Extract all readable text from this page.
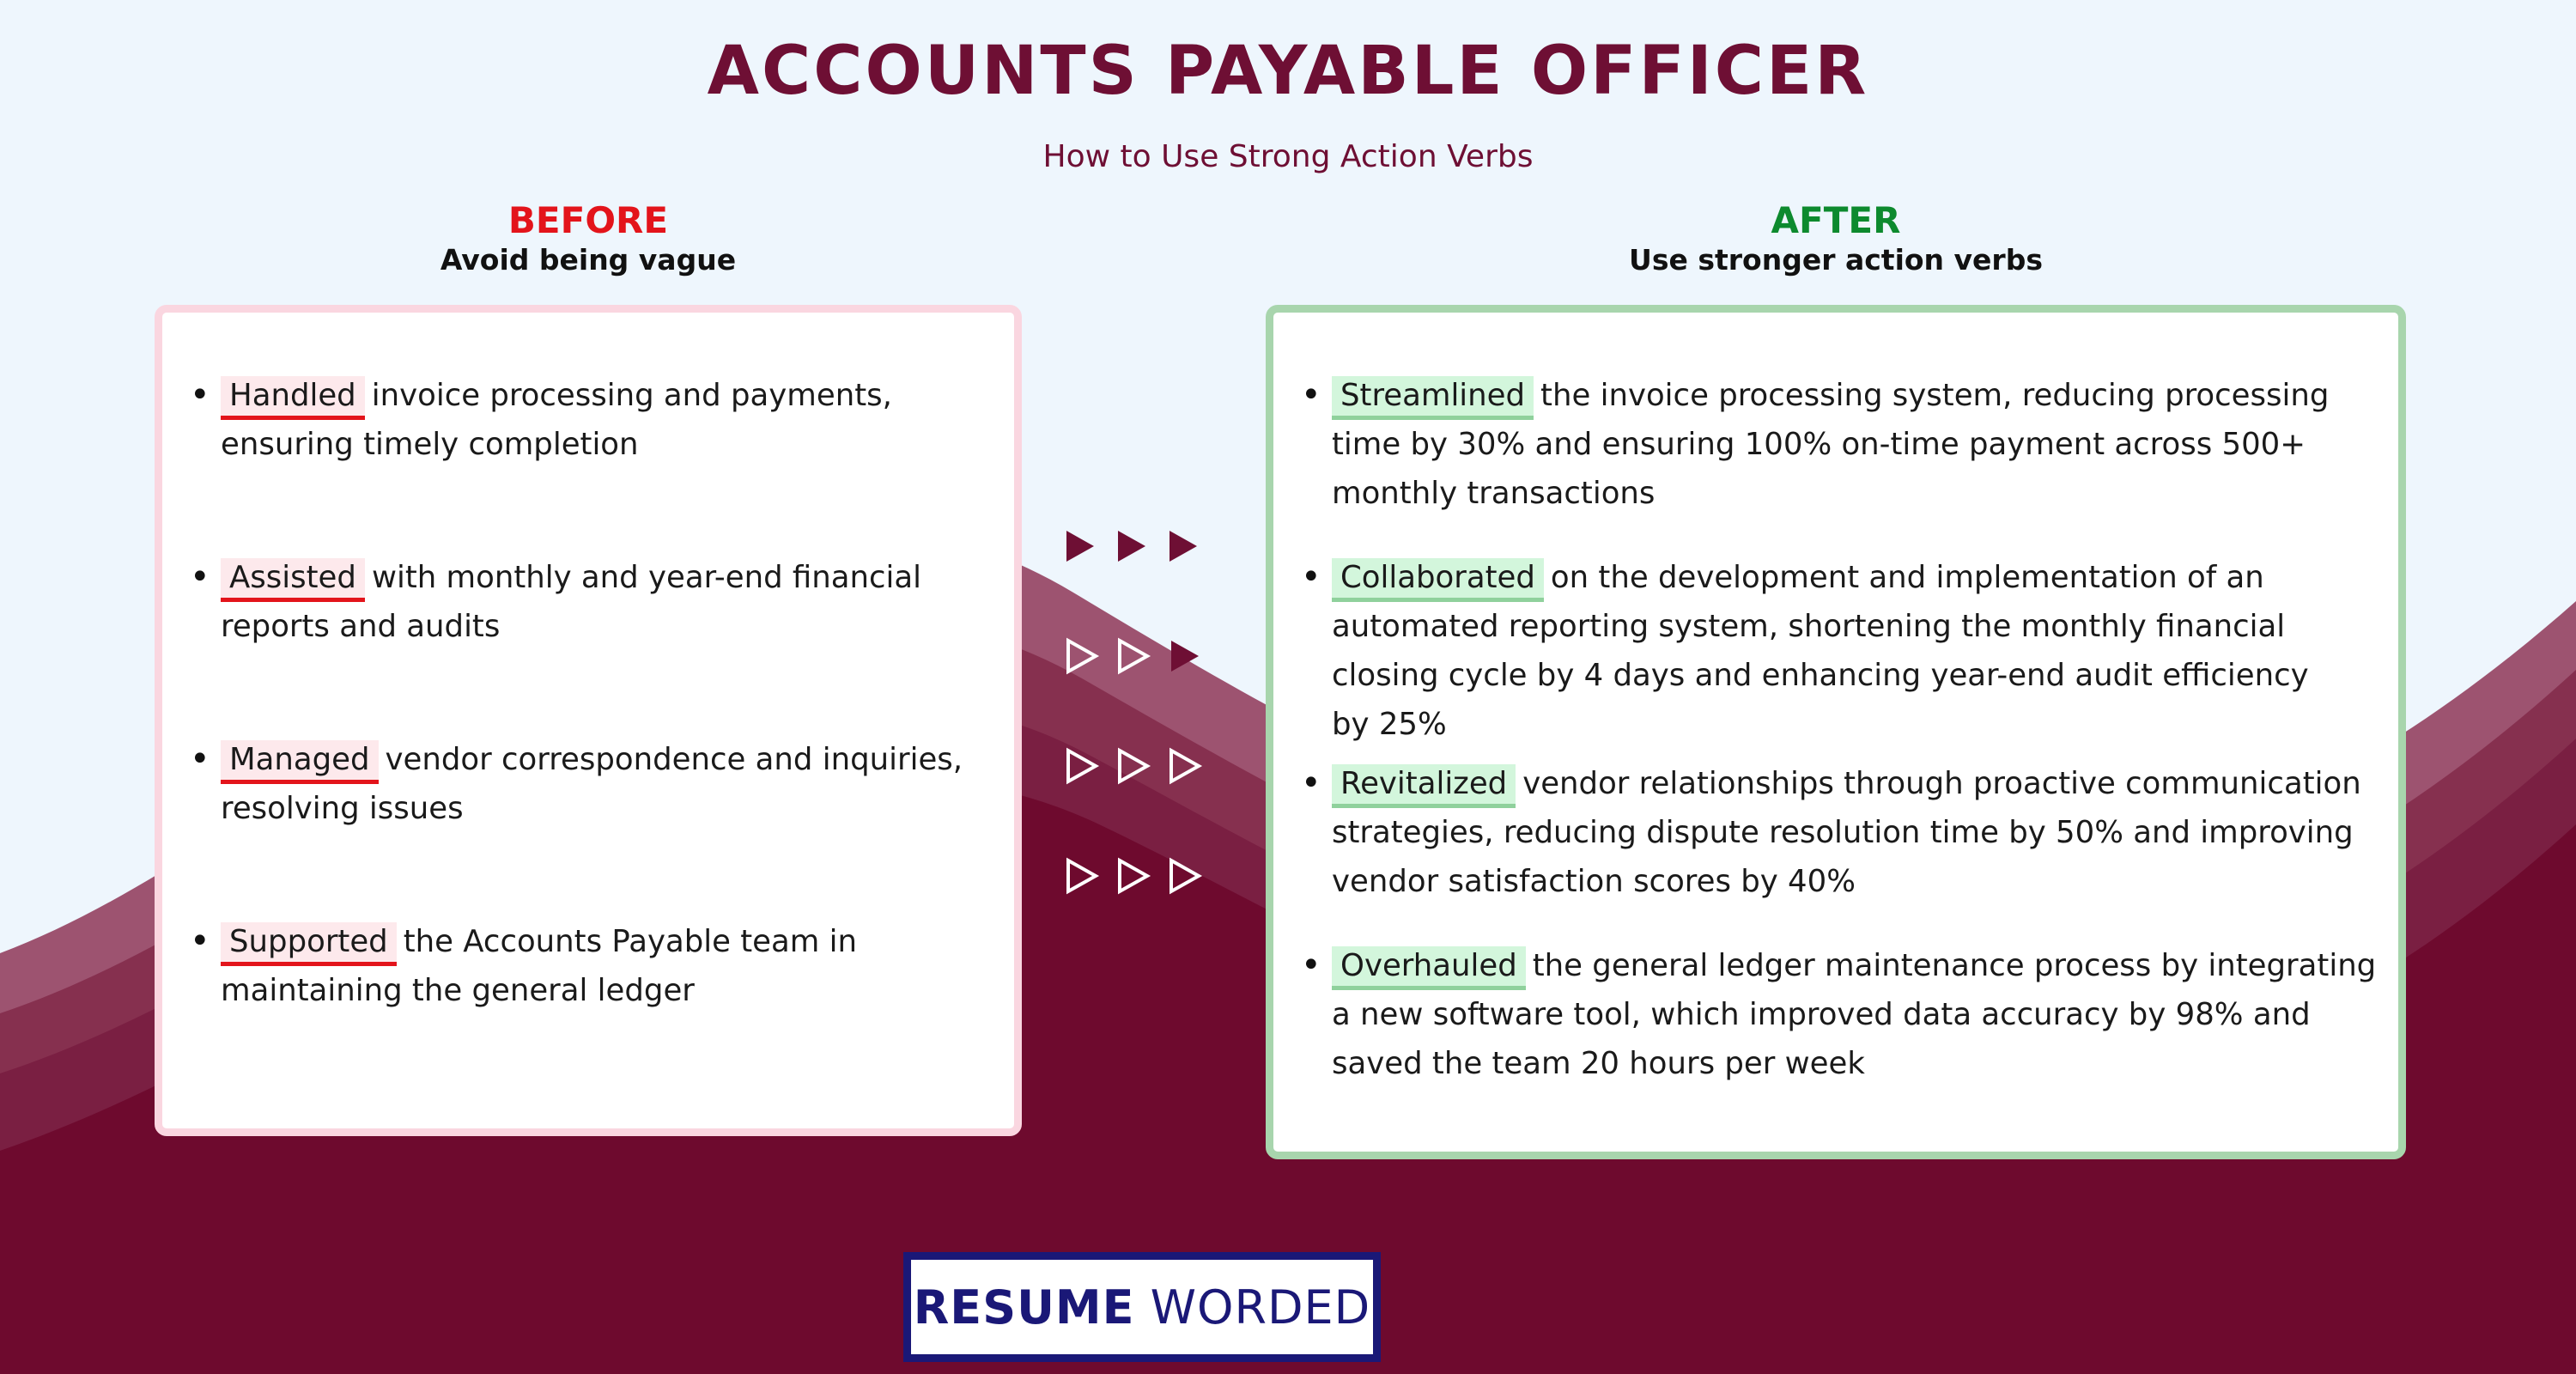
ACCOUNTS PAYABLE OFFICER

How to Use Strong Action Verbs

BEFORE
Avoid being vague
AFTER
Use stronger action verbs
• Handled invoice processing and payments, ensuring timely completion
• Assisted with monthly and year-end financial reports and audits
• Managed vendor correspondence and inquiries, resolving issues
• Supported the Accounts Payable team in maintaining the general ledger
• Streamlined the invoice processing system, reducing processing time by 30% and ensuring 100% on-time payment across 500+ monthly transactions
• Collaborated on the development and implementation of an automated reporting system, shortening the monthly financial closing cycle by 4 days and enhancing year-end audit efficiency by 25%
• Revitalized vendor relationships through proactive communication strategies, reducing dispute resolution time by 50% and improving vendor satisfaction scores by 40%
• Overhauled the general ledger maintenance process by integrating a new software tool, which improved data accuracy by 98% and saved the team 20 hours per week
RESUME WORDED
